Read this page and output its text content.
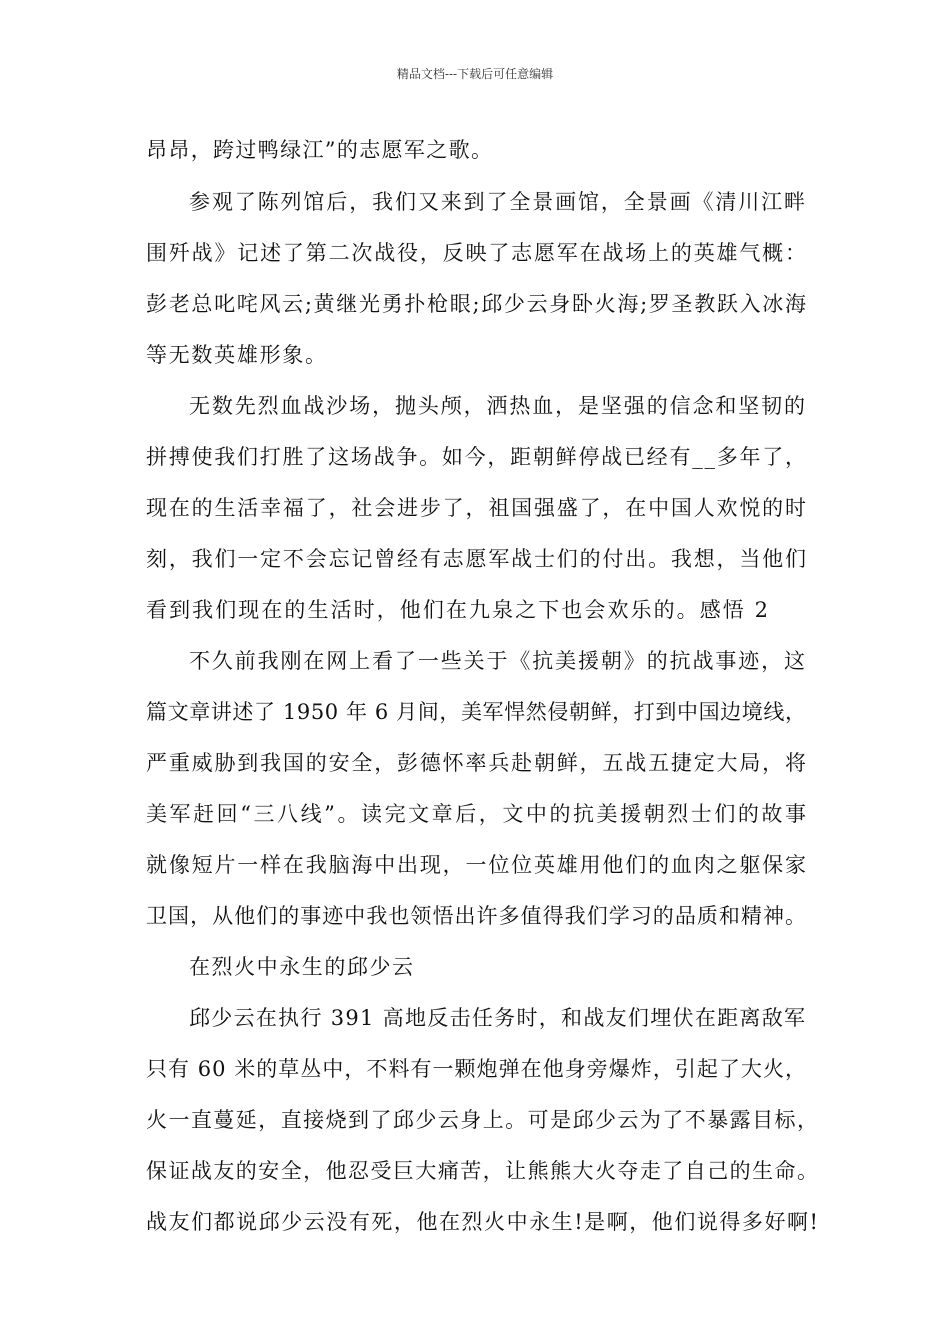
精品文档---下载后可任意编辑
昂昂，跨过鸭绿江”的志愿军之歌。
参观了陈列馆后，我们又来到了全景画馆，全景画《清川江畔
围歼战》记述了第二次战役，反映了志愿军在战场上的英雄气概：
彭老总叱咤风云;黄继光勇扑枪眼;邱少云身卧火海;罗圣教跃入冰海
等无数英雄形象。
无数先烈血战沙场，抛头颅，洒热血，是坚强的信念和坚韧的
拼搏使我们打胜了这场战争。如今，距朝鲜停战已经有__多年了，
现在的生活幸福了，社会进步了，祖国强盛了，在中国人欢悦的时
刻，我们一定不会忘记曾经有志愿军战士们的付出。我想，当他们
看到我们现在的生活时，他们在九泉之下也会欢乐的。感悟 2
不久前我刚在网上看了一些关于《抗美援朝》的抗战事迹，这
篇文章讲述了 1950 年 6 月间，美军悍然侵朝鲜，打到中国边境线，
严重威胁到我国的安全，彭德怀率兵赴朝鲜，五战五捷定大局，将
美军赶回“三八线”。读完文章后，文中的抗美援朝烈士们的故事
就像短片一样在我脑海中出现，一位位英雄用他们的血肉之躯保家
卫国，从他们的事迹中我也领悟出许多值得我们学习的品质和精神。
在烈火中永生的邱少云
邱少云在执行 391 高地反击任务时，和战友们埋伏在距离敌军
只有 60 米的草丛中，不料有一颗炮弹在他身旁爆炸，引起了大火，
火一直蔓延，直接烧到了邱少云身上。可是邱少云为了不暴露目标，
保证战友的安全，他忍受巨大痛苦，让熊熊大火夺走了自己的生命。
战友们都说邱少云没有死，他在烈火中永生!是啊，他们说得多好啊!
